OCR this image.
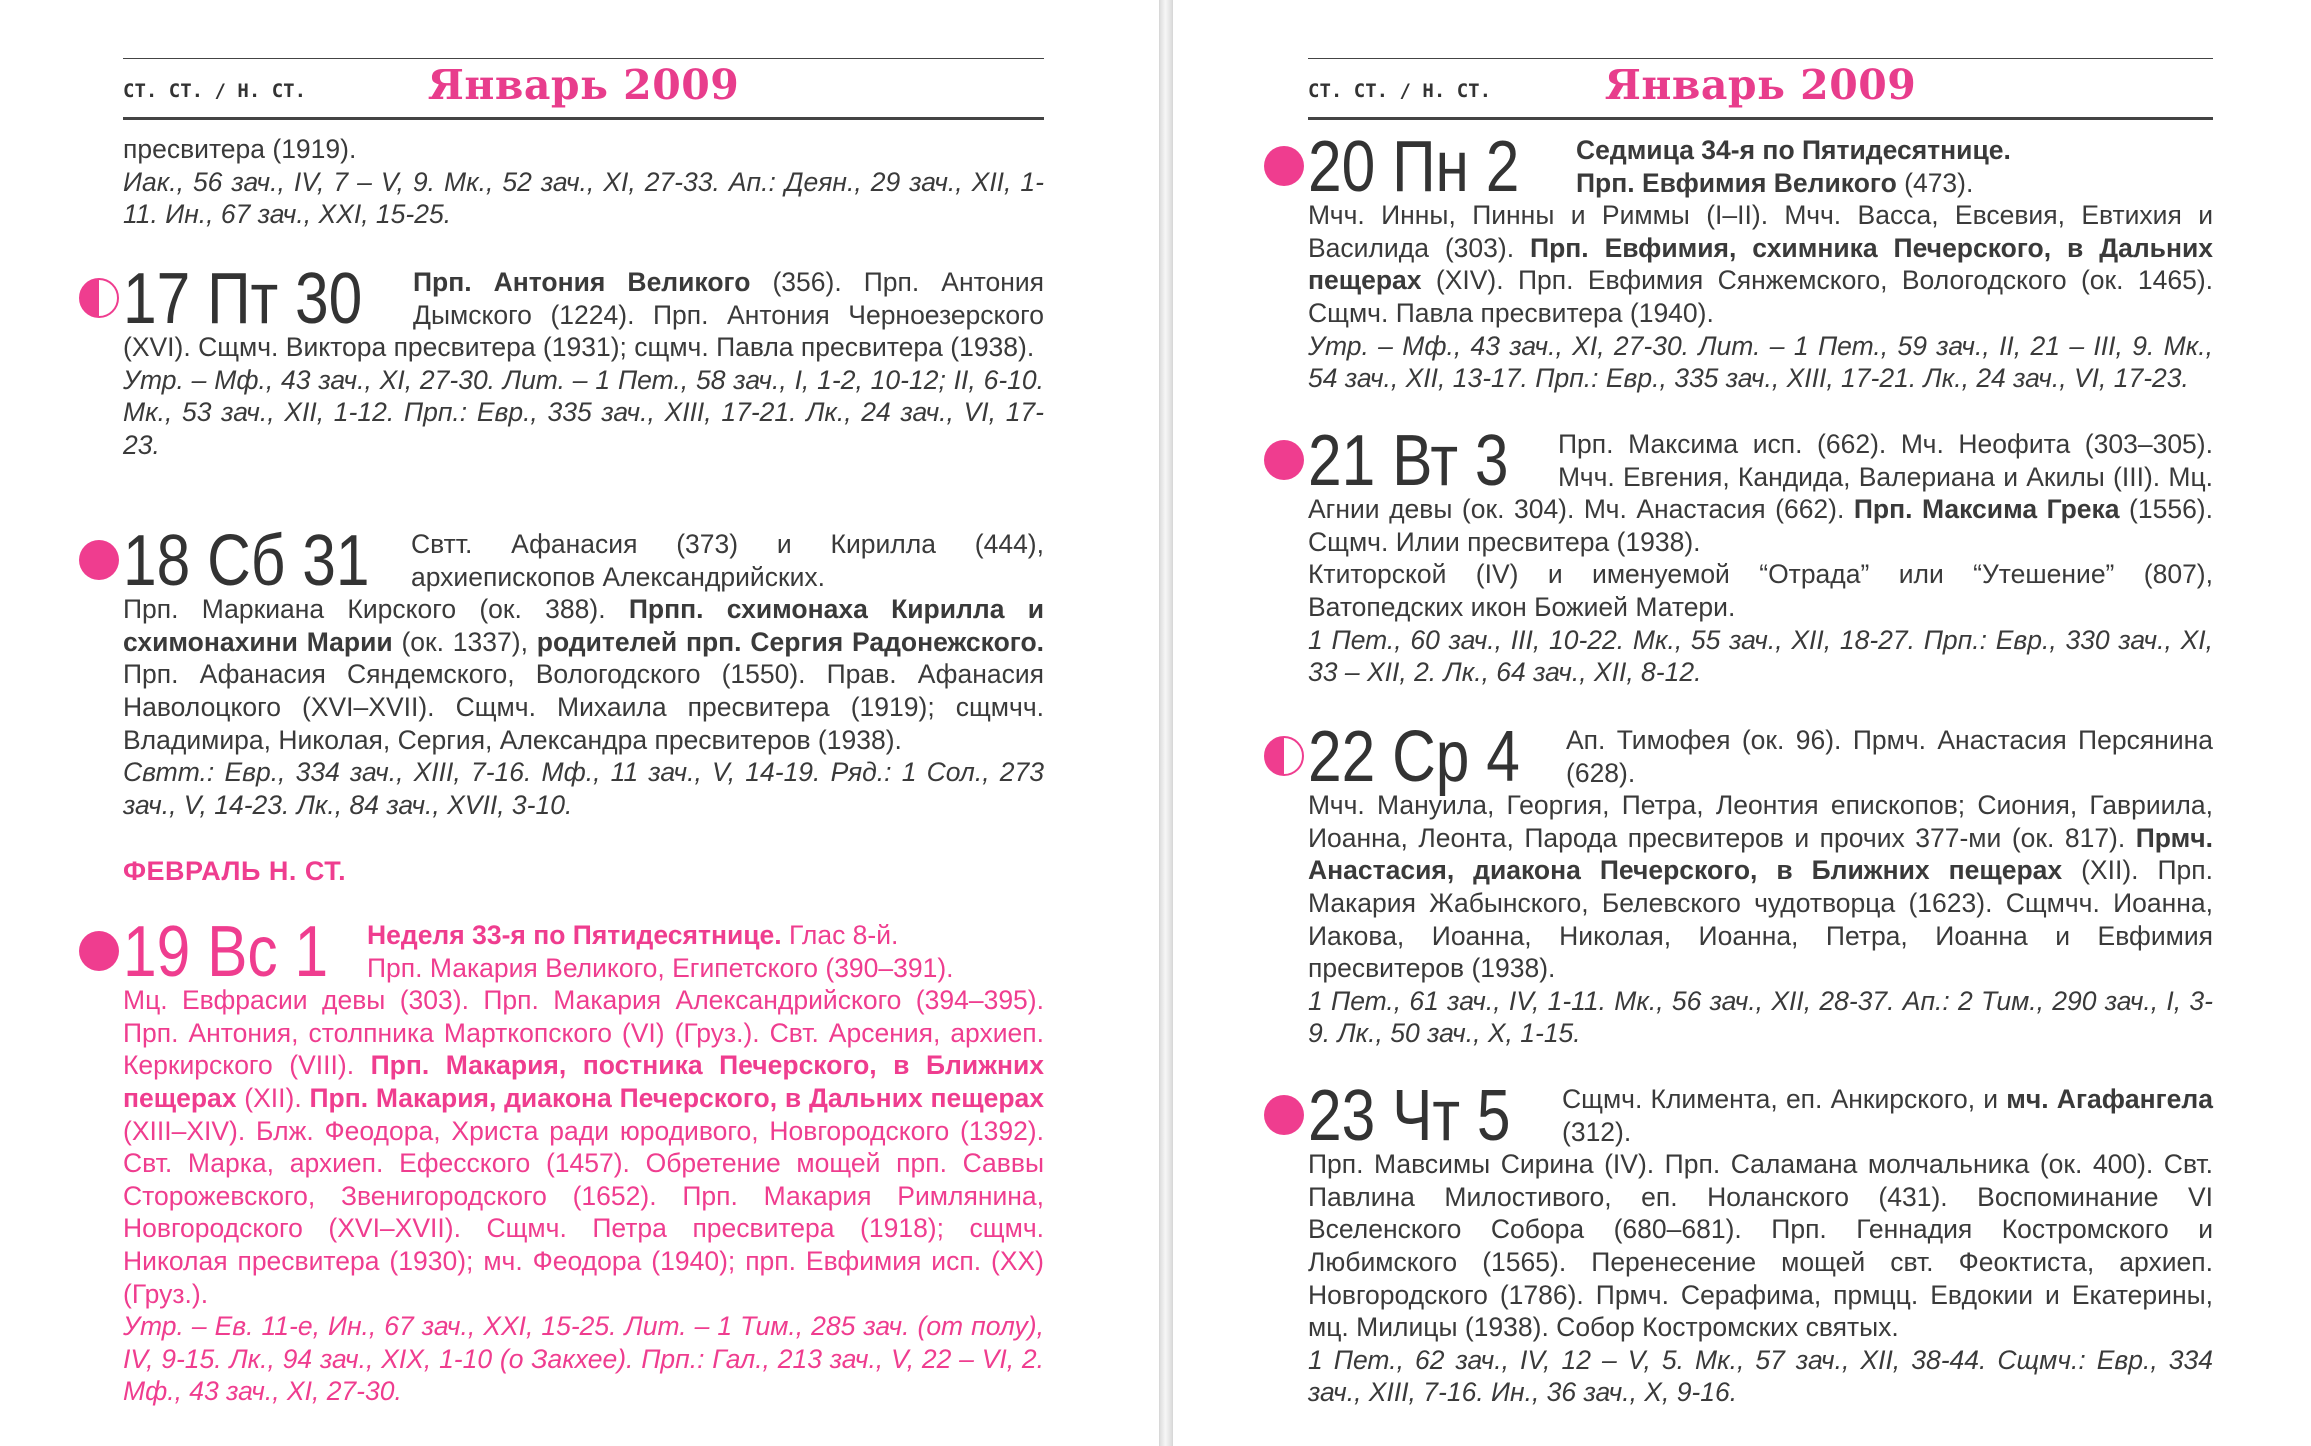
СТ. СТ. / Н. СТ.	Январь 2009
пресвитера (1919).
Иак., 56 зач., IV, 7 – V, 9. Мк., 52 зач., XI, 27-33. Ап.: Деян., 29 зач., XII, 1-11. Ин., 67 зач., XXI, 15-25.
17 Пт 30	Прп. Антония Великого (356). Прп. Антония Дымского (1224). Прп. Антония Черноезерского (XVI). Сщмч. Виктора пресвитера (1931); сщмч. Павла пресвитера (1938).
Утр. – Мф., 43 зач., XI, 27-30. Лит. – 1 Пет., 58 зач., I, 1-2, 10-12; II, 6-10. Мк., 53 зач., XII, 1-12. Прп.: Евр., 335 зач., XIII, 17-21. Лк., 24 зач., VI, 17-23.
18 Сб 31	Свтт. Афанасия (373) и Кирилла (444), архиепископов Александрийских.
Прп. Маркиана Кирского (ок. 388). Прпп. схимонаха Кирилла и схимонахини Марии (ок. 1337), родителей прп. Сергия Радонежского. Прп. Афанасия Сяндемского, Вологодского (1550). Прав. Афанасия Наволоцкого (XVI–XVII). Сщмч. Михаила пресвитера (1919); сщмчч. Владимира, Николая, Сергия, Александра пресвитеров (1938).
Свтт.: Евр., 334 зач., XIII, 7-16. Мф., 11 зач., V, 14-19. Ряд.: 1 Сол., 273 зач., V, 14-23. Лк., 84 зач., XVII, 3-10.
ФЕВРАЛЬ Н. СТ.
19 Вс 1	Неделя 33-я по Пятидесятнице. Глас 8-й.
Прп. Макария Великого, Египетского (390–391).
Мц. Евфрасии девы (303). Прп. Макария Александрийского (394–395). Прп. Антония, столпника Марткопского (VI) (Груз.). Свт. Арсения, архиеп. Керкирского (VIII). Прп. Макария, постника Печерского, в Ближних пещерах (XII). Прп. Макария, диакона Печерского, в Дальних пещерах (XIII–XIV). Блж. Феодора, Христа ради юродивого, Новгородского (1392). Свт. Марка, архиеп. Ефесского (1457). Обретение мощей прп. Саввы Сторожевского, Звенигородского (1652). Прп. Макария Римлянина, Новгородского (XVI–XVII). Сщмч. Петра пресвитера (1918); сщмч. Николая пресвитера (1930); мч. Феодора (1940); прп. Евфимия исп. (XX) (Груз.).
Утр. – Ев. 11-е, Ин., 67 зач., XXI, 15-25. Лит. – 1 Тим., 285 зач. (от полу), IV, 9-15. Лк., 94 зач., XIX, 1-10 (о Закхее). Прп.: Гал., 213 зач., V, 22 – VI, 2. Мф., 43 зач., XI, 27-30.
СТ. СТ. / Н. СТ.	Январь 2009
20 Пн 2	Седмица 34-я по Пятидесятнице.
Прп. Евфимия Великого (473).
Мчч. Инны, Пинны и Риммы (I–II). Мчч. Васса, Евсевия, Евтихия и Василида (303). Прп. Евфимия, схимника Печерского, в Дальних пещерах (XIV). Прп. Евфимия Сянжемского, Вологодского (ок. 1465). Сщмч. Павла пресвитера (1940).
Утр. – Мф., 43 зач., XI, 27-30. Лит. – 1 Пет., 59 зач., II, 21 – III, 9. Мк., 54 зач., XII, 13-17. Прп.: Евр., 335 зач., XIII, 17-21. Лк., 24 зач., VI, 17-23.
21 Вт 3	Прп. Максима исп. (662). Мч. Неофита (303–305). Мчч. Евгения, Кандида, Валериана и Акилы (III). Мц. Агнии девы (ок. 304). Мч. Анастасия (662). Прп. Максима Грека (1556). Сщмч. Илии пресвитера (1938).
Ктиторской (IV) и именуемой “Отрада” или “Утешение” (807), Ватопедских икон Божией Матери.
1 Пет., 60 зач., III, 10-22. Мк., 55 зач., XII, 18-27. Прп.: Евр., 330 зач., XI, 33 – XII, 2. Лк., 64 зач., XII, 8-12.
22 Ср 4	Ап. Тимофея (ок. 96). Прмч. Анастасия Персянина (628).
Мчч. Мануила, Георгия, Петра, Леонтия епископов; Сиония, Гавриила, Иоанна, Леонта, Парода пресвитеров и прочих 377-ми (ок. 817). Прмч. Анастасия, диакона Печерского, в Ближних пещерах (XII). Прп. Макария Жабынского, Белевского чудотворца (1623). Сщмчч. Иоанна, Иакова, Иоанна, Николая, Иоанна, Петра, Иоанна и Евфимия пресвитеров (1938).
1 Пет., 61 зач., IV, 1-11. Мк., 56 зач., XII, 28-37. Ап.: 2 Тим., 290 зач., I, 3-9. Лк., 50 зач., X, 1-15.
23 Чт 5	Сщмч. Климента, еп. Анкирского, и мч. Агафангела (312).
Прп. Мавсимы Сирина (IV). Прп. Саламана молчальника (ок. 400). Свт. Павлина Милостивого, еп. Ноланского (431). Воспоминание VI Вселенского Собора (680–681). Прп. Геннадия Костромского и Любимского (1565). Перенесение мощей свт. Феоктиста, архиеп. Новгородского (1786). Прмч. Серафима, прмцц. Евдокии и Екатерины, мц. Милицы (1938). Собор Костромских святых.
1 Пет., 62 зач., IV, 12 – V, 5. Мк., 57 зач., XII, 38-44. Сщмч.: Евр., 334 зач., XIII, 7-16. Ин., 36 зач., X, 9-16.
